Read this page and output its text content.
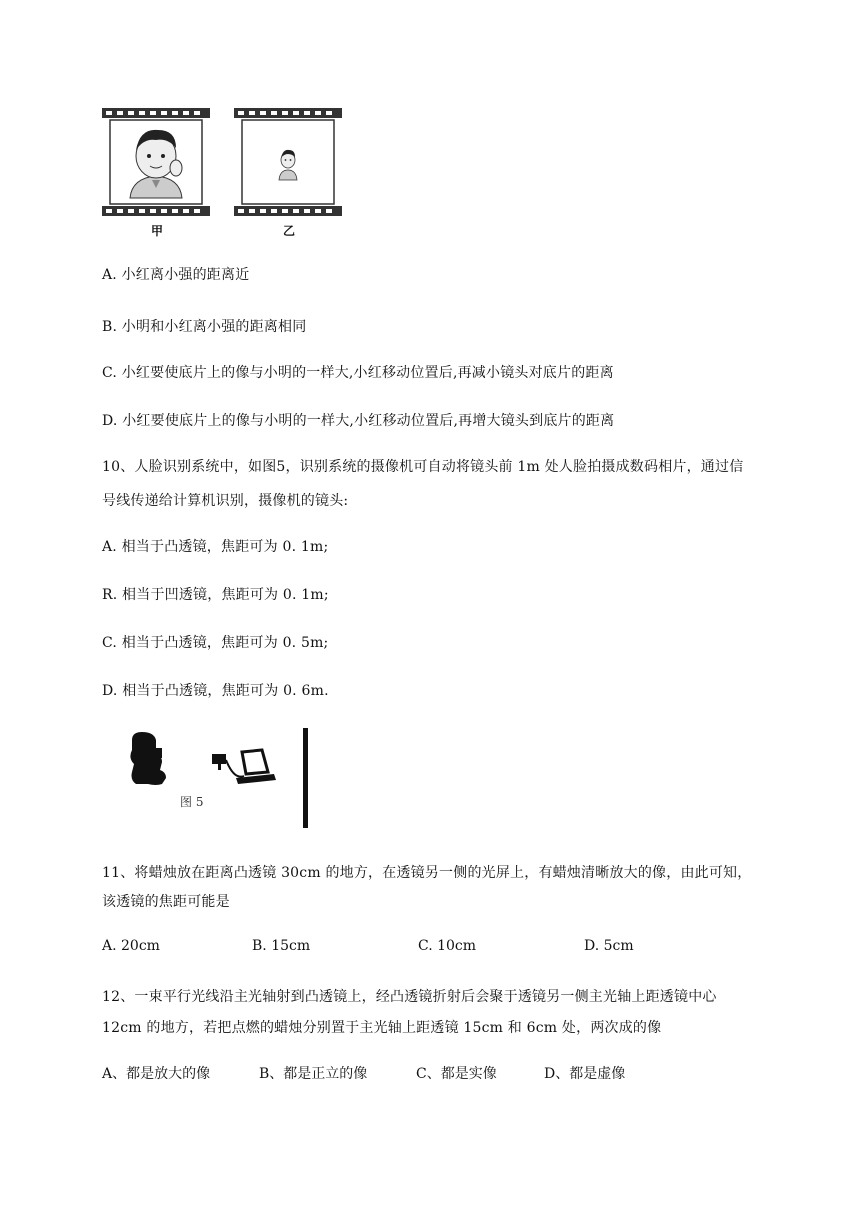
甲	乙
A. 小红离小强的距离近
B. 小明和小红离小强的距离相同
C. 小红要使底片上的像与小明的一样大,小红移动位置后,再减小镜头对底片的距离
D. 小红要使底片上的像与小明的一样大,小红移动位置后,再增大镜头到底片的距离
10、人脸识别系统中，如图5，识别系统的摄像机可自动将镜头前 1m 处人脸拍摄成数码相片，通过信
号线传递给计算机识别，摄像机的镜头:
A. 相当于凸透镜，焦距可为 0. 1m;
R. 相当于凹透镜，焦距可为 0. 1m;
C. 相当于凸透镜，焦距可为 0. 5m;
D. 相当于凸透镜，焦距可为 0. 6m.
图 5
11、将蜡烛放在距离凸透镜 30cm 的地方，在透镜另一侧的光屏上，有蜡烛清晰放大的像，由此可知，
该透镜的焦距可能是
A. 20cm	B. 15cm	C. 10cm	D. 5cm
12、一束平行光线沿主光轴射到凸透镜上，经凸透镜折射后会聚于透镜另一侧主光轴上距透镜中心
12cm 的地方，若把点燃的蜡烛分别置于主光轴上距透镜 15cm 和 6cm 处，两次成的像
A、都是放大的像	B、都是正立的像	C、都是实像	D、都是虚像
